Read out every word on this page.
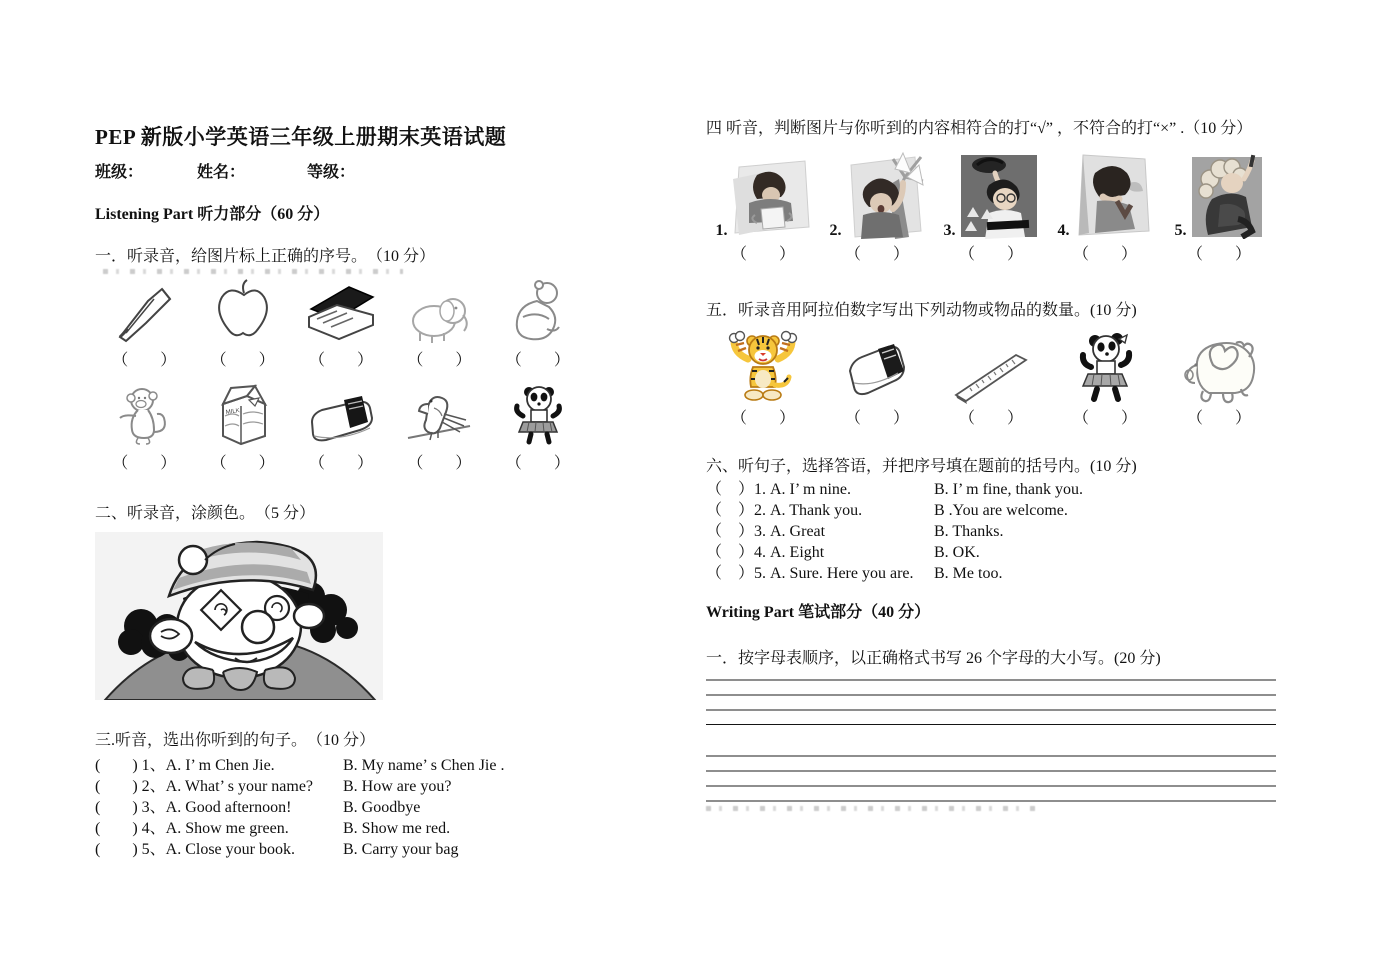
PEP 新版小学英语三年级上册期末英语试题
班级：	姓名：	等级：
Listening Part 听力部分（60 分）
一．听录音，给图片标上正确的序号。　（10 分）
（　　）	（　　）	（　　）	（　　）	（　　）
MILK
（　　）	（　　）	（　　）	（　　）	（　　）
二、听录音，涂颜色。　（5 分）
三.听音，选出你听到的句子。　（10 分）
(　　) 1、A. I’ m Chen Jie.	B. My name’ s Chen Jie .
(　　) 2、A. What’ s your name?	B. How are you?
(　　) 3、A. Good afternoon!	B. Goodbye
(　　) 4、A. Show me green.	B. Show me red.
(　　) 5、A. Close your book.	B. Carry your bag
四 听音，判断图片与你听到的内容相符合的打“√” ，不符合的打“×” .（10 分）
1.	2.	3.	4.	5.
（　　）	（　　）	（　　）	（　　）	（　　）
五．听录音用阿拉伯数字写出下列动物或物品的数量。(10 分)
（　　）	（　　）	（　　）	（　　）	（　　）
六、听句子，选择答语，并把序号填在题前的括号内。(10 分)
（　）1. A. I’ m nine.	B. I’ m fine, thank you.
（　）2. A. Thank you.	B .You are welcome.
（　）3. A. Great	B. Thanks.
（　）4. A. Eight	B. OK.
（　）5. A. Sure. Here you are.	B. Me too.
Writing Part 笔试部分（40 分）
一．按字母表顺序，以正确格式书写 26 个字母的大小写。(20 分)
